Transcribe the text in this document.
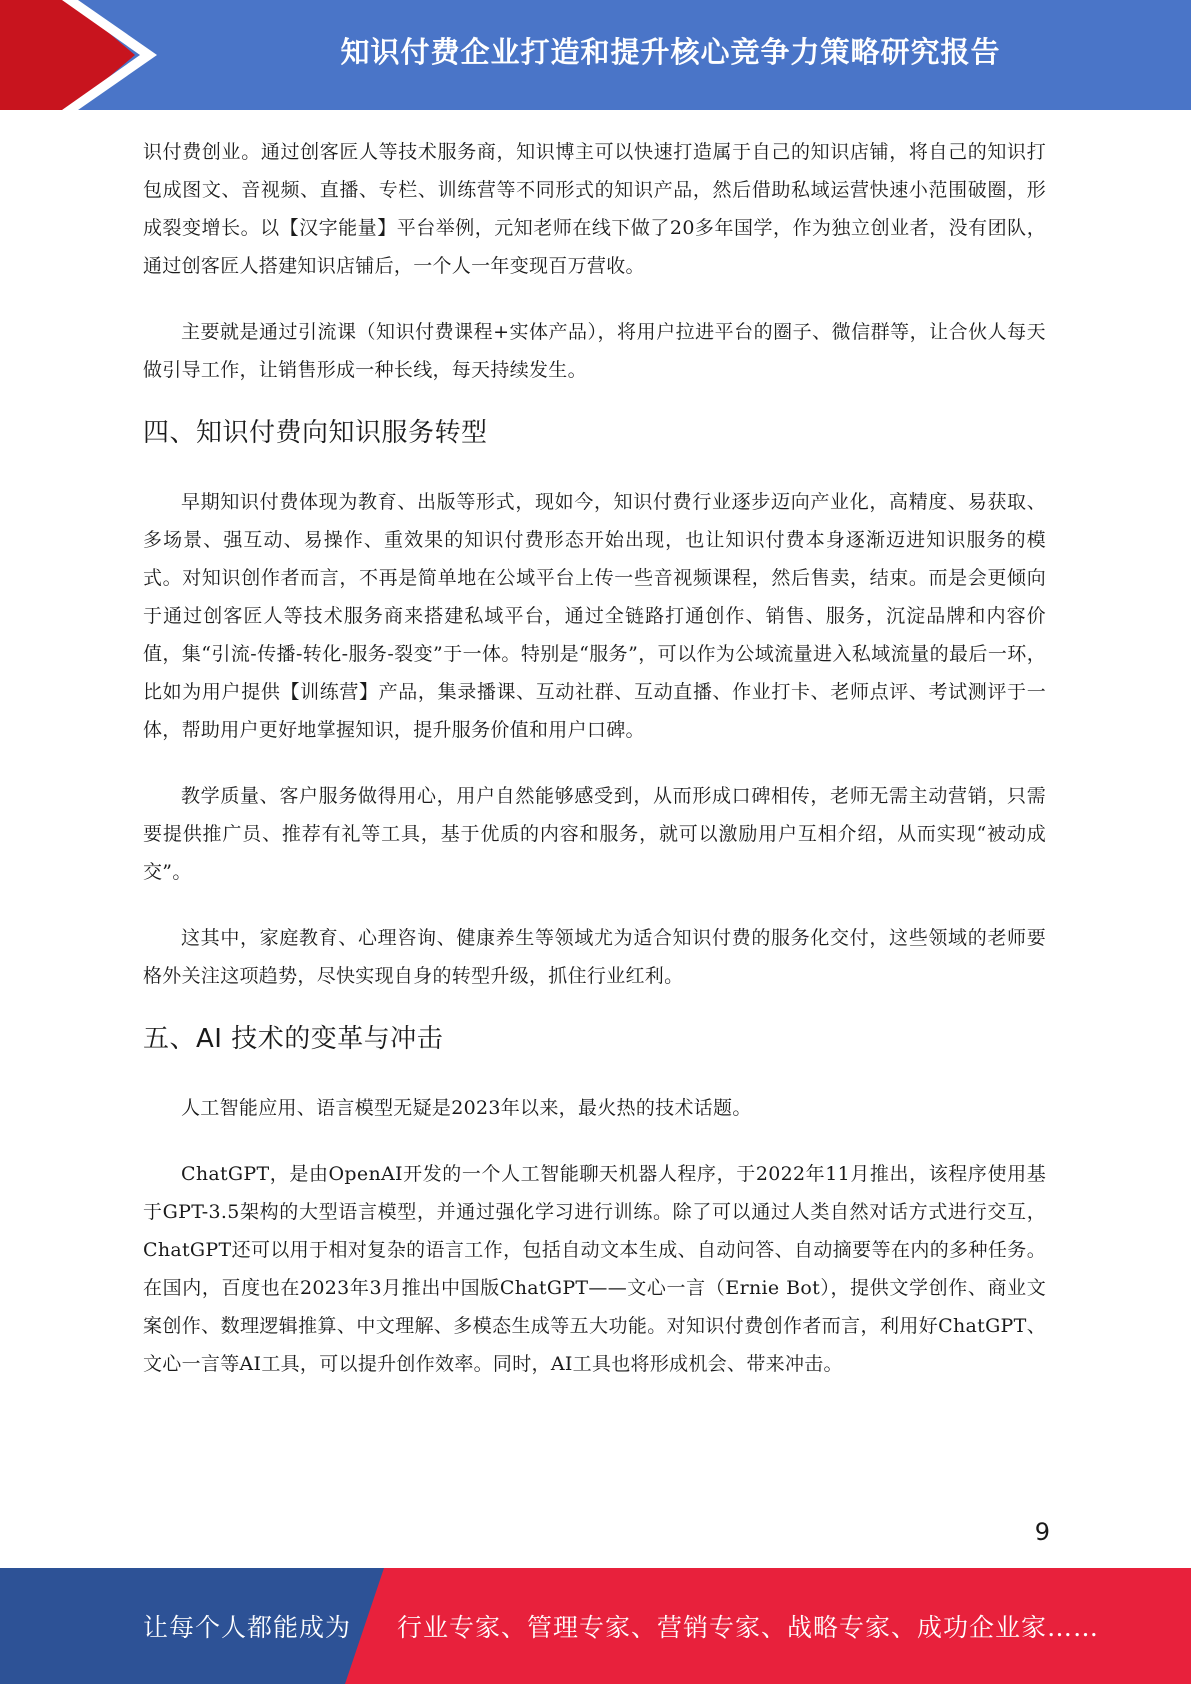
知识付费企业打造和提升核心竞争力策略研究报告

识付费创业。通过创客匠人等技术服务商，知识博主可以快速打造属于自己的知识店铺，将自己的知识打包成图文、音视频、直播、专栏、训练营等不同形式的知识产品，然后借助私域运营快速小范围破圈，形成裂变增长。以【汉字能量】平台举例，元知老师在线下做了20多年国学，作为独立创业者，没有团队，通过创客匠人搭建知识店铺后，一个人一年变现百万营收。

主要就是通过引流课（知识付费课程+实体产品），将用户拉进平台的圈子、微信群等，让合伙人每天做引导工作，让销售形成一种长线，每天持续发生。

四、知识付费向知识服务转型

早期知识付费体现为教育、出版等形式，现如今，知识付费行业逐步迈向产业化，高精度、易获取、多场景、强互动、易操作、重效果的知识付费形态开始出现，也让知识付费本身逐渐迈进知识服务的模式。对知识创作者而言，不再是简单地在公域平台上传一些音视频课程，然后售卖，结束。而是会更倾向于通过创客匠人等技术服务商来搭建私域平台，通过全链路打通创作、销售、服务，沉淀品牌和内容价值，集“引流-传播-转化-服务-裂变”于一体。特别是“服务”，可以作为公域流量进入私域流量的最后一环，比如为用户提供【训练营】产品，集录播课、互动社群、互动直播、作业打卡、老师点评、考试测评于一体，帮助用户更好地掌握知识，提升服务价值和用户口碑。

教学质量、客户服务做得用心，用户自然能够感受到，从而形成口碑相传，老师无需主动营销，只需要提供推广员、推荐有礼等工具，基于优质的内容和服务，就可以激励用户互相介绍，从而实现“被动成交”。

这其中，家庭教育、心理咨询、健康养生等领域尤为适合知识付费的服务化交付，这些领域的老师要格外关注这项趋势，尽快实现自身的转型升级，抓住行业红利。

五、AI 技术的变革与冲击

人工智能应用、语言模型无疑是2023年以来，最火热的技术话题。

ChatGPT，是由OpenAI开发的一个人工智能聊天机器人程序，于2022年11月推出，该程序使用基于GPT-3.5架构的大型语言模型，并通过强化学习进行训练。除了可以通过人类自然对话方式进行交互，ChatGPT还可以用于相对复杂的语言工作，包括自动文本生成、自动问答、自动摘要等在内的多种任务。在国内，百度也在2023年3月推出中国版ChatGPT——文心一言（Ernie Bot），提供文学创作、商业文案创作、数理逻辑推算、中文理解、多模态生成等五大功能。对知识付费创作者而言，利用好ChatGPT、文心一言等AI工具，可以提升创作效率。同时，AI工具也将形成机会、带来冲击。

9
让每个人都能成为 行业专家、管理专家、营销专家、战略专家、成功企业家……
